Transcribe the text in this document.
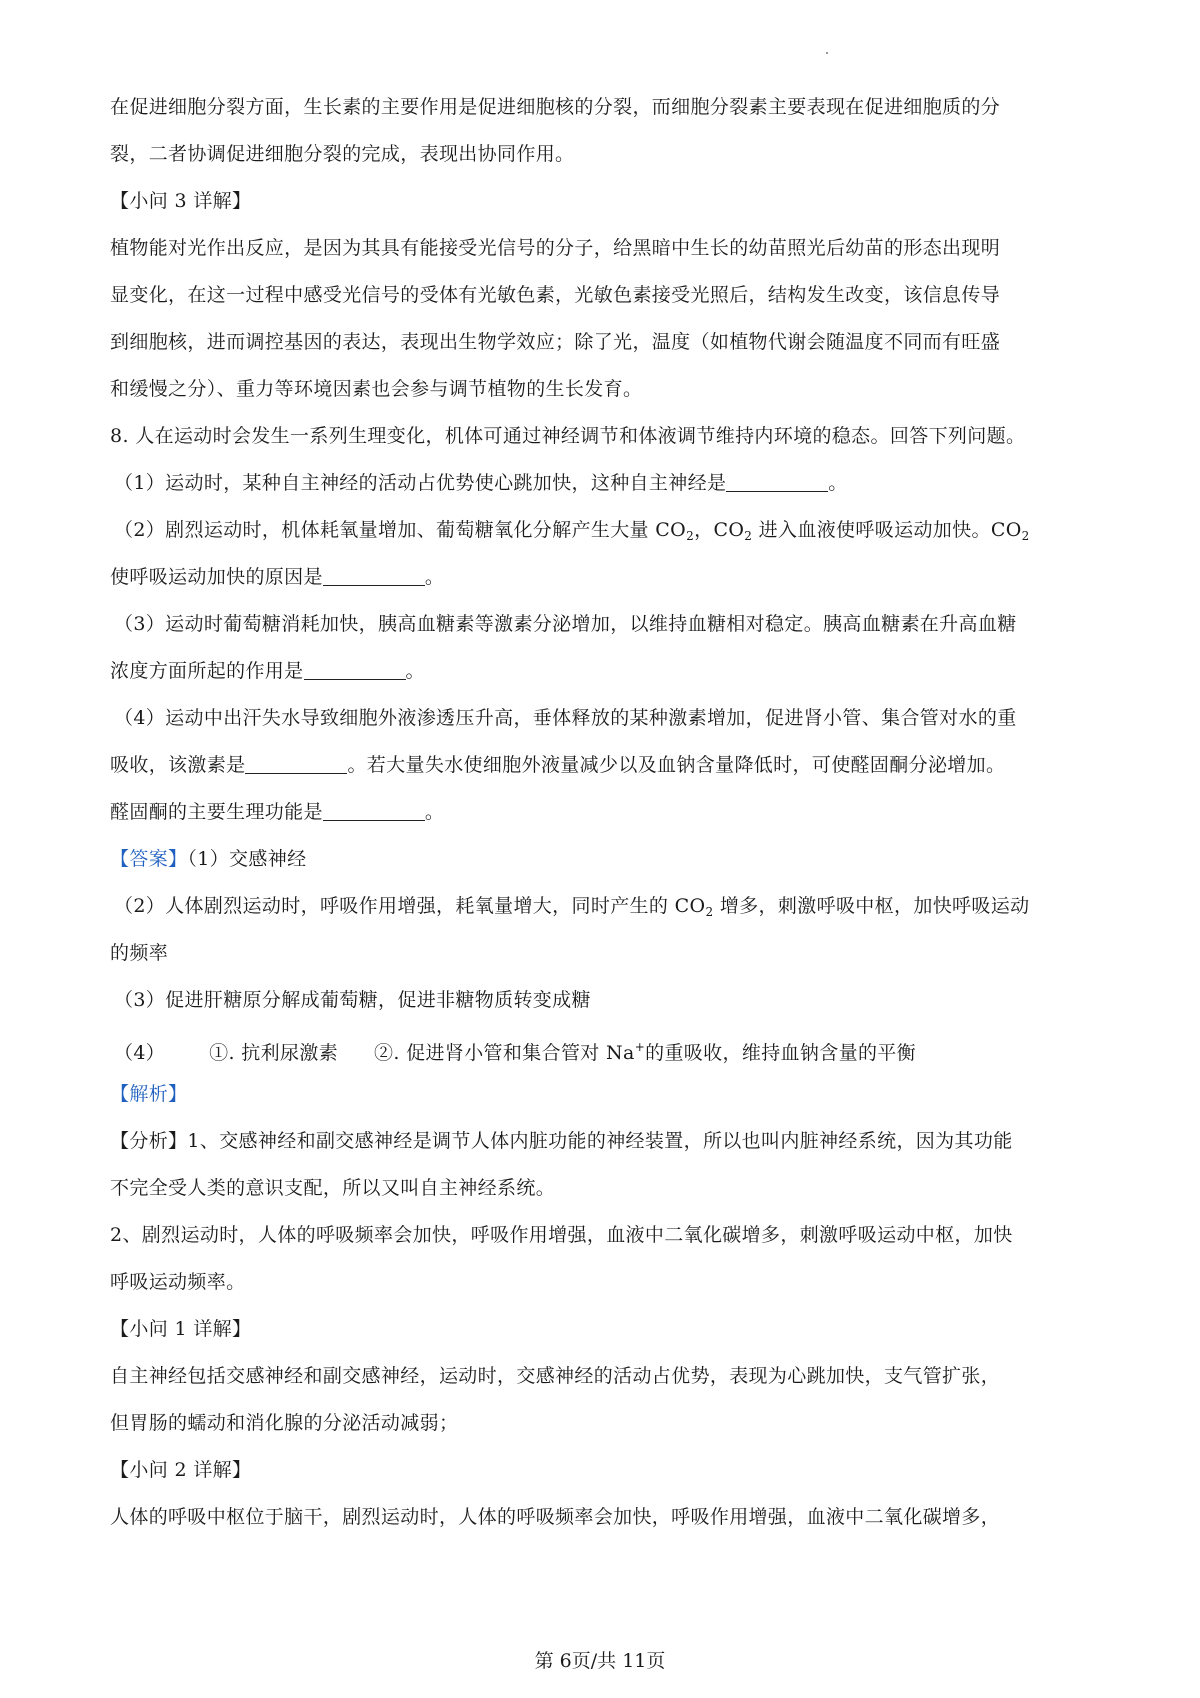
在促进细胞分裂方面，生长素的主要作用是促进细胞核的分裂，而细胞分裂素主要表现在促进细胞质的分
裂，二者协调促进细胞分裂的完成，表现出协同作用。
【小问 3 详解】
植物能对光作出反应，是因为其具有能接受光信号的分子，给黑暗中生长的幼苗照光后幼苗的形态出现明
显变化，在这一过程中感受光信号的受体有光敏色素，光敏色素接受光照后，结构发生改变，该信息传导
到细胞核，进而调控基因的表达，表现出生物学效应；除了光，温度（如植物代谢会随温度不同而有旺盛
和缓慢之分）、重力等环境因素也会参与调节植物的生长发育。
8. 人在运动时会发生一系列生理变化，机体可通过神经调节和体液调节维持内环境的稳态。回答下列问题。
（1）运动时，某种自主神经的活动占优势使心跳加快，这种自主神经是	。
（2）剧烈运动时，机体耗氧量增加、葡萄糖氧化分解产生大量 $CO_2$，$CO_2$ 进入血液使呼吸运动加快。$CO_2$
使呼吸运动加快的原因是	。
（3）运动时葡萄糖消耗加快，胰高血糖素等激素分泌增加，以维持血糖相对稳定。胰高血糖素在升高血糖
浓度方面所起的作用是	。
（4）运动中出汗失水导致细胞外液渗透压升高，垂体释放的某种激素增加，促进肾小管、集合管对水的重
吸收，该激素是	。若大量失水使细胞外液量减少以及血钠含量降低时，可使醛固酮分泌增加。
醛固酮的主要生理功能是	。
【答案】（1）交感神经
（2）人体剧烈运动时，呼吸作用增强，耗氧量增大，同时产生的 $CO_2$ 增多，刺激呼吸中枢，加快呼吸运动
的频率
（3）促进肝糖原分解成葡萄糖，促进非糖物质转变成糖
（4） ①. 抗利尿激素 ②. 促进肾小管和集合管对 Na+的重吸收，维持血钠含量的平衡
【解析】
【分析】1、交感神经和副交感神经是调节人体内脏功能的神经装置，所以也叫内脏神经系统，因为其功能
不完全受人类的意识支配，所以又叫自主神经系统。
2、剧烈运动时，人体的呼吸频率会加快，呼吸作用增强，血液中二氧化碳增多，刺激呼吸运动中枢，加快
呼吸运动频率。
【小问 1 详解】
自主神经包括交感神经和副交感神经，运动时，交感神经的活动占优势，表现为心跳加快，支气管扩张，
但胃肠的蠕动和消化腺的分泌活动减弱；
【小问 2 详解】
人体的呼吸中枢位于脑干，剧烈运动时，人体的呼吸频率会加快，呼吸作用增强，血液中二氧化碳增多，
第 6页/共 11页
